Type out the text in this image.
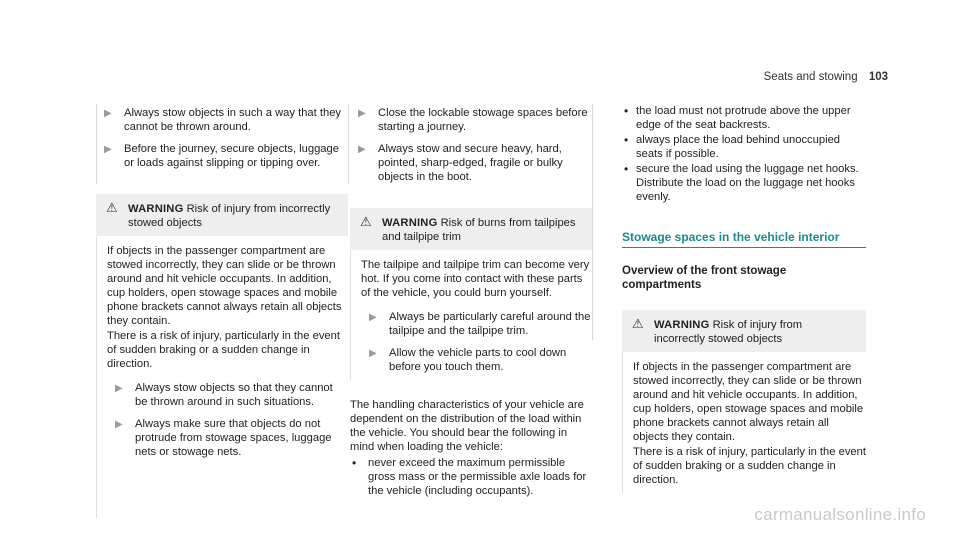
Seats and stowing 103

▶ Always stow objects in such a way that they cannot be thrown around.

▶ Before the journey, secure objects, luggage or loads against slipping or tipping over.

⚠ WARNING Risk of injury from incorrectly stowed objects

If objects in the passenger compartment are stowed incorrectly, they can slide or be thrown around and hit vehicle occupants. In addition, cup holders, open stowage spaces and mobile phone brackets cannot always retain all objects they contain.

There is a risk of injury, particularly in the event of sudden braking or a sudden change in direction.

▶ Always stow objects so that they cannot be thrown around in such situations.

▶ Always make sure that objects do not protrude from stowage spaces, luggage nets or stowage nets.

▶ Close the lockable stowage spaces before starting a journey.

▶ Always stow and secure heavy, hard, pointed, sharp-edged, fragile or bulky objects in the boot.

⚠ WARNING Risk of burns from tailpipes and tailpipe trim

The tailpipe and tailpipe trim can become very hot. If you come into contact with these parts of the vehicle, you could burn yourself.

▶ Always be particularly careful around the tailpipe and the tailpipe trim.

▶ Allow the vehicle parts to cool down before you touch them.

The handling characteristics of your vehicle are dependent on the distribution of the load within the vehicle. You should bear the following in mind when loading the vehicle:

• never exceed the maximum permissible gross mass or the permissible axle loads for the vehicle (including occupants).

• the load must not protrude above the upper edge of the seat backrests.

• always place the load behind unoccupied seats if possible.

• secure the load using the luggage net hooks. Distribute the load on the luggage net hooks evenly.

Stowage spaces in the vehicle interior
Overview of the front stowage compartments
⚠ WARNING Risk of injury from incorrectly stowed objects

If objects in the passenger compartment are stowed incorrectly, they can slide or be thrown around and hit vehicle occupants. In addition, cup holders, open stowage spaces and mobile phone brackets cannot always retain all objects they contain.

There is a risk of injury, particularly in the event of sudden braking or a sudden change in direction.

carmanualsonline.info
